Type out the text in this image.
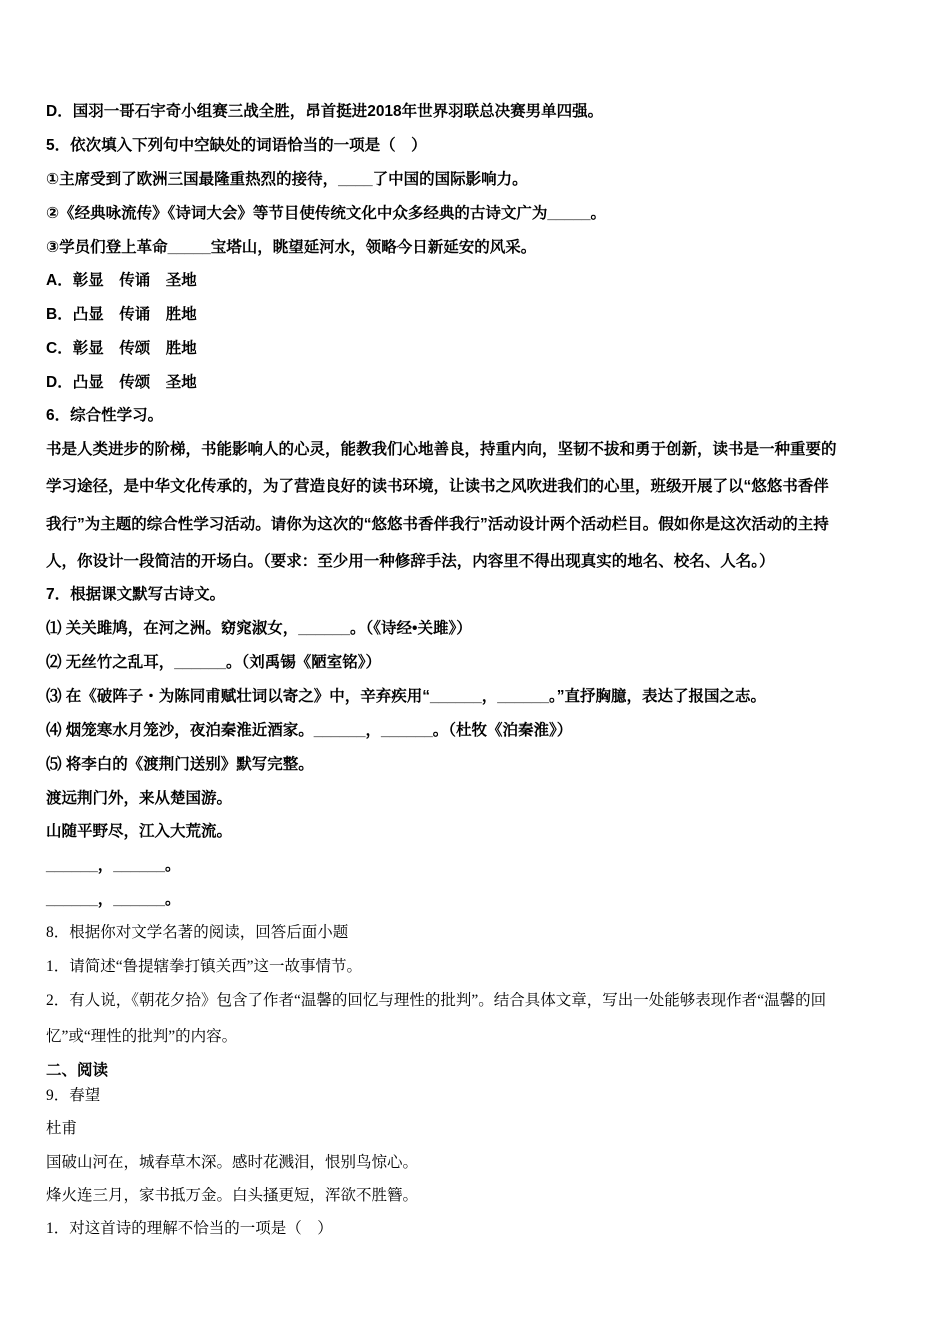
D．国羽一哥石宇奇小组赛三战全胜，昂首挺进2018年世界羽联总决赛男单四强。
5．依次填入下列句中空缺处的词语恰当的一项是（　）
①主席受到了欧洲三国最隆重热烈的接待，____了中国的国际影响力。
②《经典咏流传》《诗词大会》等节目使传统文化中众多经典的古诗文广为_____。
③学员们登上革命_____宝塔山，眺望延河水，领略今日新延安的风采。
A．彰显　传诵　圣地
B．凸显　传诵　胜地
C．彰显　传颂　胜地
D．凸显　传颂　圣地
6．综合性学习。
书是人类进步的阶梯，书能影响人的心灵，能教我们心地善良，持重内向，坚韧不拔和勇于创新，读书是一种重要的
学习途径，是中华文化传承的，为了营造良好的读书环境，让读书之风吹进我们的心里，班级开展了以“悠悠书香伴
我行”为主题的综合性学习活动。请你为这次的“悠悠书香伴我行”活动设计两个活动栏目。假如你是这次活动的主持
人，你设计一段简洁的开场白。（要求：至少用一种修辞手法，内容里不得出现真实的地名、校名、人名。）
7．根据课文默写古诗文。
⑴ 关关雎鸠，在河之洲。窈窕淑女，______。（《诗经•关雎》）
⑵ 无丝竹之乱耳，______。（刘禹锡《陋室铭》）
⑶ 在《破阵子・为陈同甫赋壮词以寄之》中，辛弃疾用“______，______。”直抒胸臆，表达了报国之志。
⑷ 烟笼寒水月笼沙，夜泊秦淮近酒家。______，______。（杜牧《泊秦淮》）
⑸ 将李白的《渡荆门送别》默写完整。
渡远荆门外，来从楚国游。
山随平野尽，江入大荒流。
______，______。
______，______。
8．根据你对文学名著的阅读，回答后面小题
1．请简述“鲁提辖拳打镇关西”这一故事情节。
2．有人说，《朝花夕拾》包含了作者“温馨的回忆与理性的批判”。结合具体文章，写出一处能够表现作者“温馨的回
忆”或“理性的批判”的内容。
二、阅读
9．春望
杜甫
国破山河在，城春草木深。感时花溅泪，恨别鸟惊心。
烽火连三月，家书抵万金。白头搔更短，浑欲不胜簪。
1．对这首诗的理解不恰当的一项是（　）
